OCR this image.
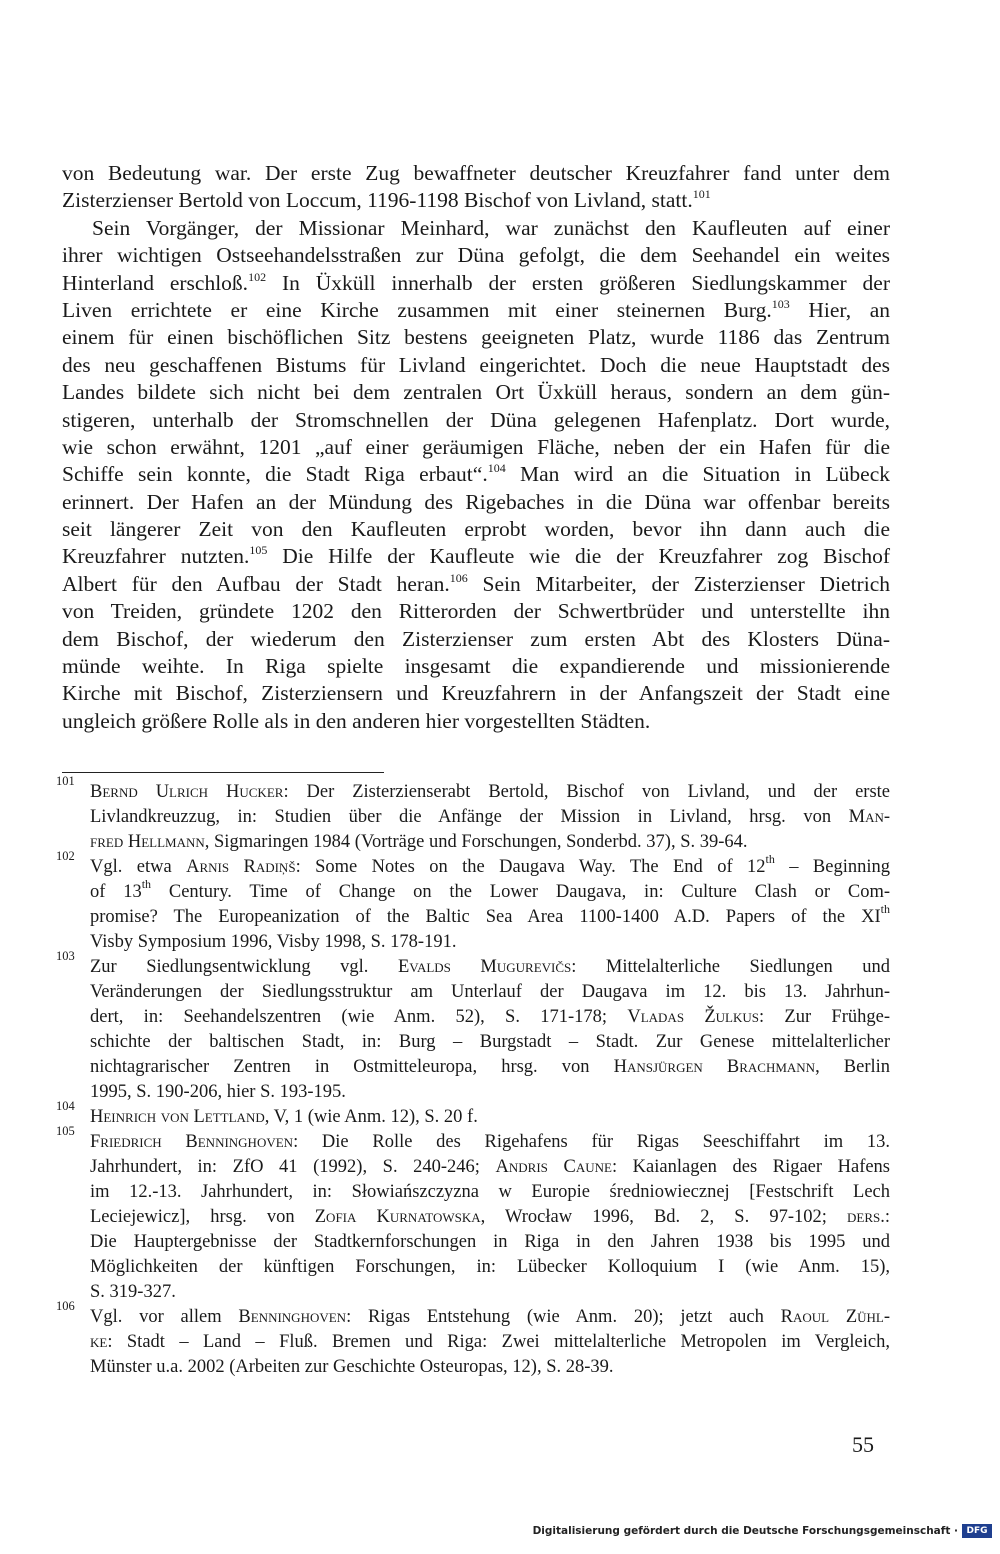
von Bedeutung war. Der erste Zug bewaffneter deutscher Kreuzfahrer fand unter dem
Zisterzienser Bertold von Loccum, 1196-1198 Bischof von Livland, statt.$^{101}$
Sein Vorgänger, der Missionar Meinhard, war zunächst den Kaufleuten auf einer
ihrer wichtigen Ostseehandelsstraßen zur Düna gefolgt, die dem Seehandel ein weites
Hinterland erschloß.$^{102}$ In Üxküll innerhalb der ersten größeren Siedlungskammer der
Liven errichtete er eine Kirche zusammen mit einer steinernen Burg.$^{103}$ Hier, an
einem für einen bischöflichen Sitz bestens geeigneten Platz, wurde 1186 das Zentrum
des neu geschaffenen Bistums für Livland eingerichtet. Doch die neue Hauptstadt des
Landes bildete sich nicht bei dem zentralen Ort Üxküll heraus, sondern an dem gün-
stigeren, unterhalb der Stromschnellen der Düna gelegenen Hafenplatz. Dort wurde,
wie schon erwähnt, 1201 „auf einer geräumigen Fläche, neben der ein Hafen für die
Schiffe sein konnte, die Stadt Riga erbaut“.$^{104}$ Man wird an die Situation in Lübeck
erinnert. Der Hafen an der Mündung des Rigebaches in die Düna war offenbar bereits
seit längerer Zeit von den Kaufleuten erprobt worden, bevor ihn dann auch die
Kreuzfahrer nutzten.$^{105}$ Die Hilfe der Kaufleute wie die der Kreuzfahrer zog Bischof
Albert für den Aufbau der Stadt heran.$^{106}$ Sein Mitarbeiter, der Zisterzienser Dietrich
von Treiden, gründete 1202 den Ritterorden der Schwertbrüder und unterstellte ihn
dem Bischof, der wiederum den Zisterzienser zum ersten Abt des Klosters Düna-
münde weihte. In Riga spielte insgesamt die expandierende und missionierende
Kirche mit Bischof, Zisterziensern und Kreuzfahrern in der Anfangszeit der Stadt eine
ungleich größere Rolle als in den anderen hier vorgestellten Städten.
101
Bernd Ulrich Hucker: Der Zisterzienserabt Bertold, Bischof von Livland, und der erste
Livlandkreuzzug, in: Studien über die Anfänge der Mission in Livland, hrsg. von Man-
fred Hellmann, Sigmaringen 1984 (Vorträge und Forschungen, Sonderbd. 37), S. 39-64.
102
Vgl. etwa Arnis Radiņš: Some Notes on the Daugava Way. The End of 12th – Beginning
of 13th Century. Time of Change on the Lower Daugava, in: Culture Clash or Com-
promise? The Europeanization of the Baltic Sea Area 1100-1400 A.D. Papers of the XIth
Visby Symposium 1996, Visby 1998, S. 178-191.
103
Zur Siedlungsentwicklung vgl. Evalds Mugurevičs: Mittelalterliche Siedlungen und
Veränderungen der Siedlungsstruktur am Unterlauf der Daugava im 12. bis 13. Jahrhun-
dert, in: Seehandelszentren (wie Anm. 52), S. 171-178; Vladas Žulkus: Zur Frühge-
schichte der baltischen Stadt, in: Burg – Burgstadt – Stadt. Zur Genese mittelalterlicher
nichtagrarischer Zentren in Ostmitteleuropa, hrsg. von Hansjürgen Brachmann, Berlin
1995, S. 190-206, hier S. 193-195.
104
Heinrich von Lettland, V, 1 (wie Anm. 12), S. 20 f.
105
Friedrich Benninghoven: Die Rolle des Rigehafens für Rigas Seeschiffahrt im 13.
Jahrhundert, in: ZfO 41 (1992), S. 240-246; Andris Caune: Kaianlagen des Rigaer Hafens
im 12.-13. Jahrhundert, in: Słowiańszczyzna w Europie średniowiecznej [Festschrift Lech
Leciejewicz], hrsg. von Zofia Kurnatowska, Wrocław 1996, Bd. 2, S. 97-102; ders.:
Die Hauptergebnisse der Stadtkernforschungen in Riga in den Jahren 1938 bis 1995 und
Möglichkeiten der künftigen Forschungen, in: Lübecker Kolloquium I (wie Anm. 15),
S. 319-327.
106
Vgl. vor allem Benninghoven: Rigas Entstehung (wie Anm. 20); jetzt auch Raoul Zühl-
ke: Stadt – Land – Fluß. Bremen und Riga: Zwei mittelalterliche Metropolen im Vergleich,
Münster u.a. 2002 (Arbeiten zur Geschichte Osteuropas, 12), S. 28-39.
55
Digitalisierung gefördert durch die Deutsche Forschungsgemeinschaft · DFG
